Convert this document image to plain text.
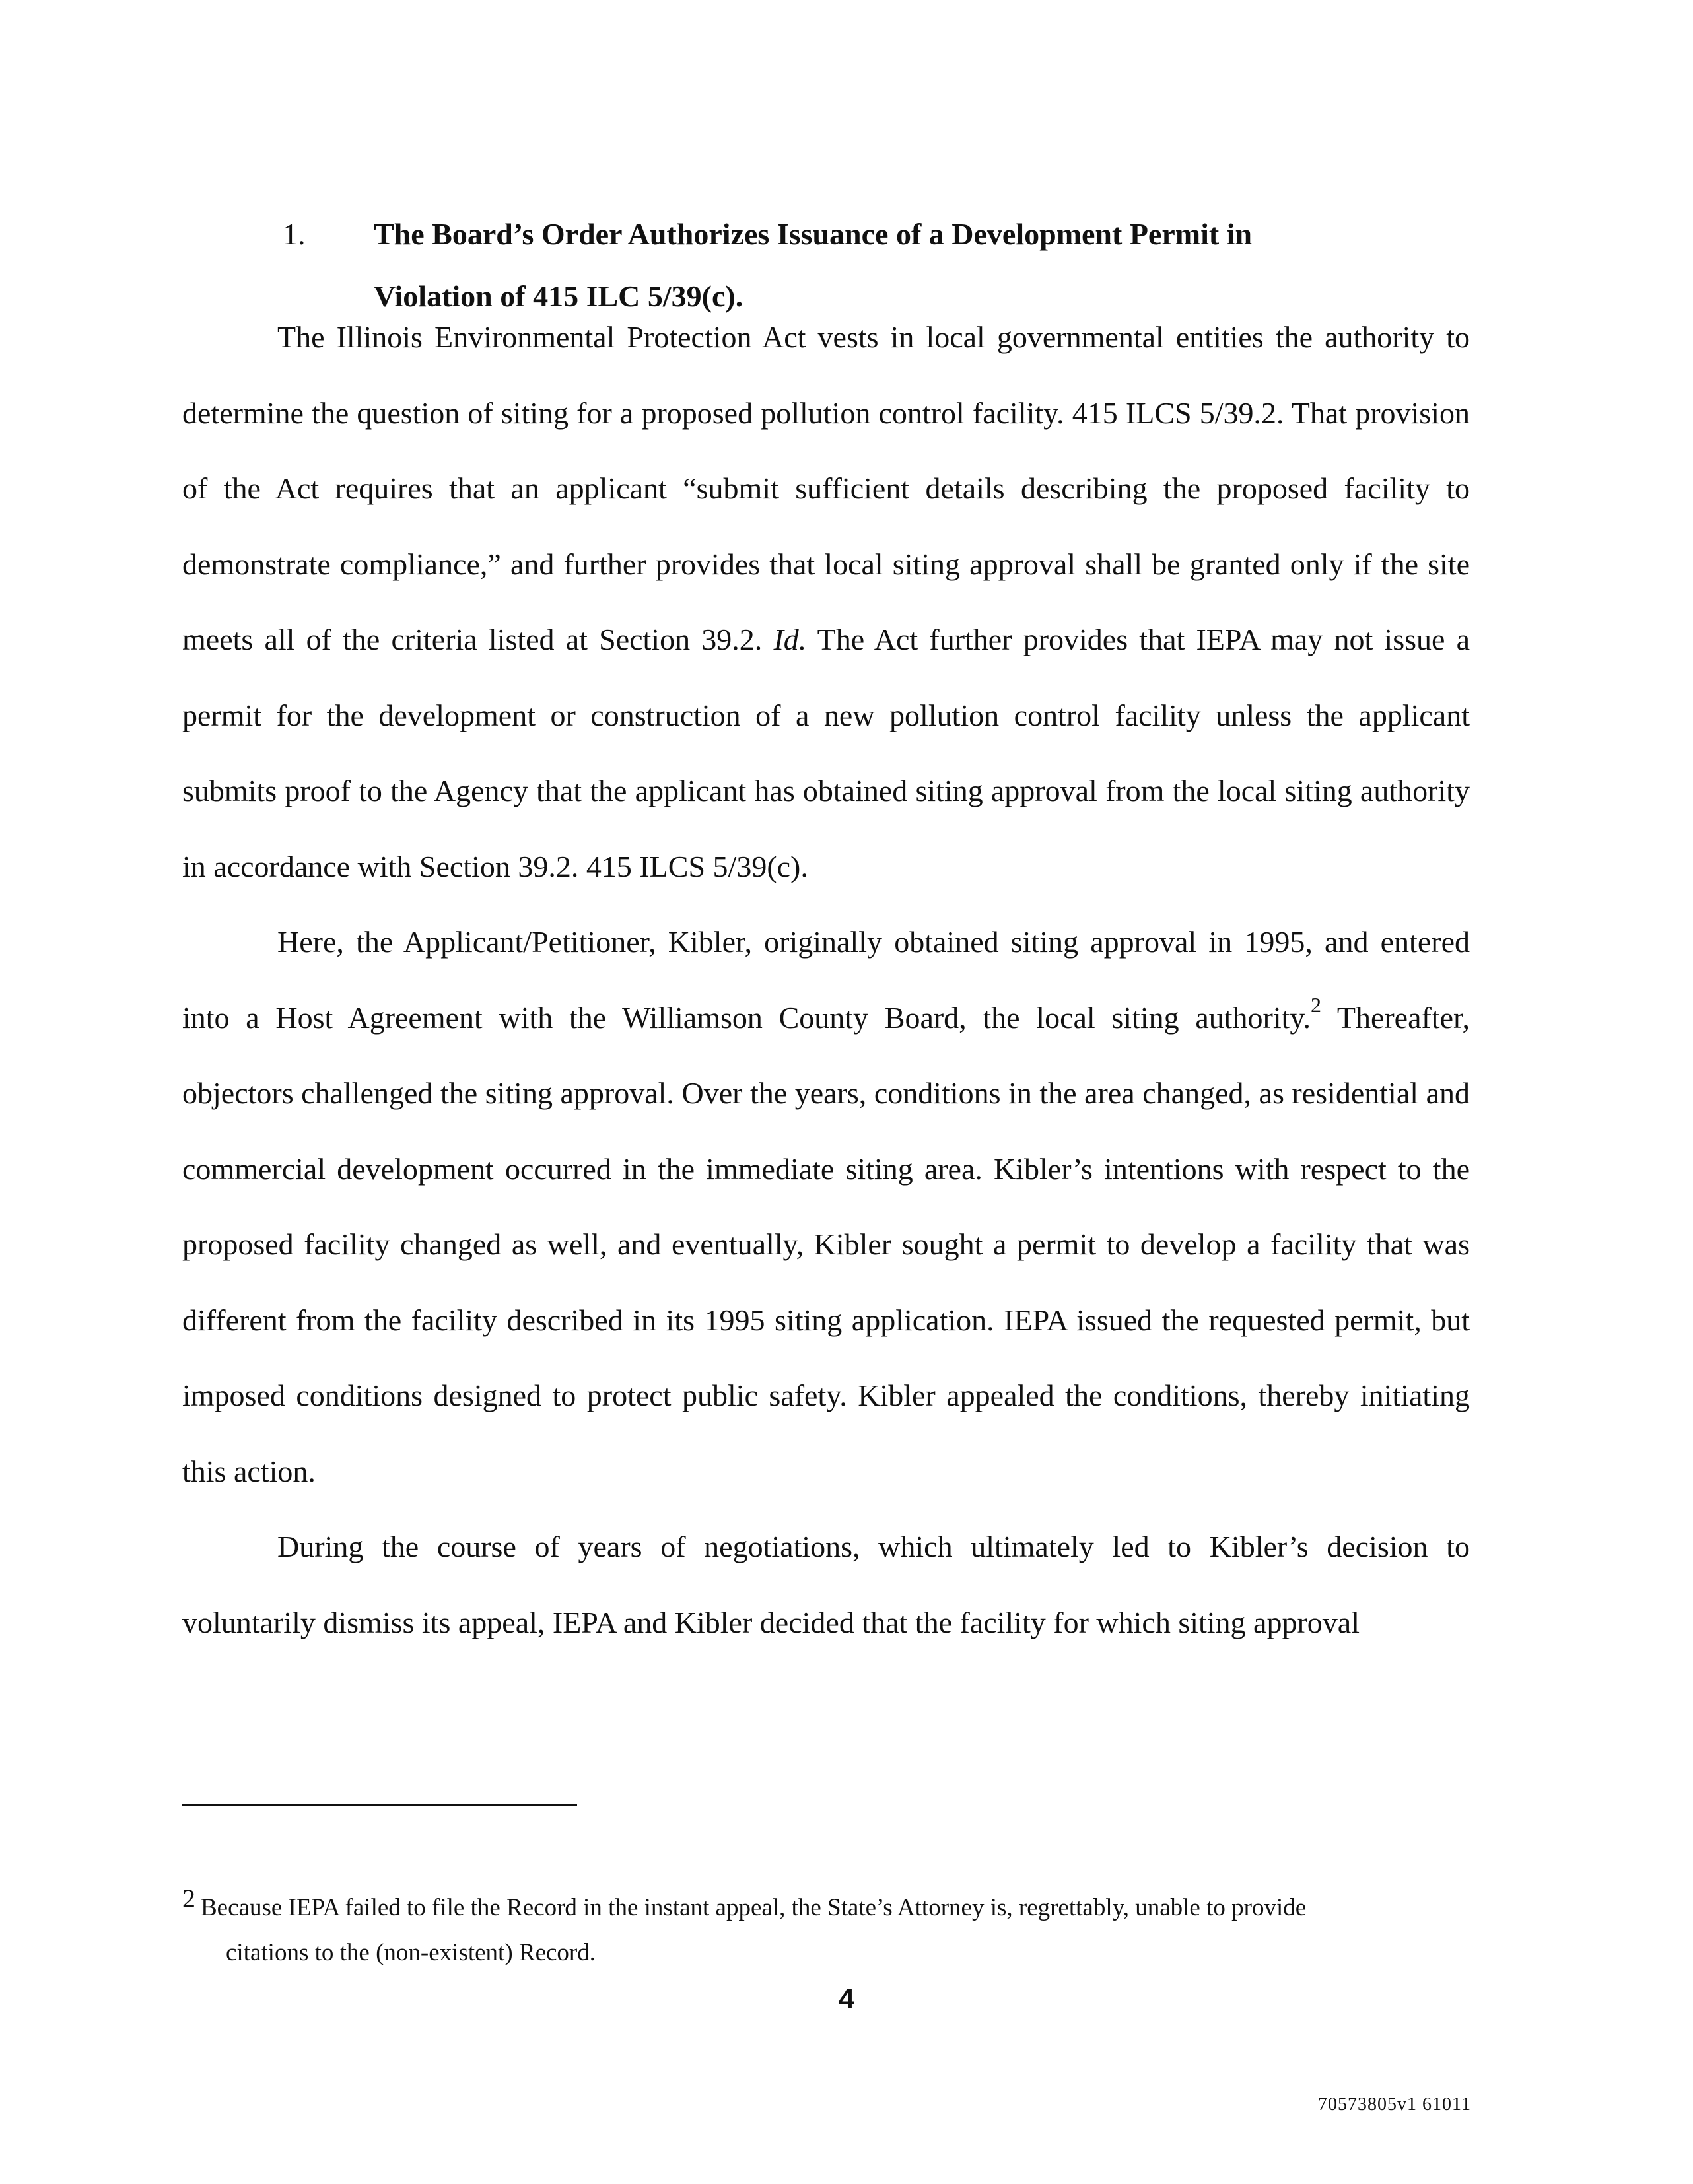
1. The Board’s Order Authorizes Issuance of a Development Permit in
Violation of 415 ILC 5/39(c).

The Illinois Environmental Protection Act vests in local governmental entities the authority to determine the question of siting for a proposed pollution control facility. 415 ILCS 5/39.2. That provision of the Act requires that an applicant “submit sufficient details describing the proposed facility to demonstrate compliance,” and further provides that local siting approval shall be granted only if the site meets all of the criteria listed at Section 39.2. Id. The Act further provides that IEPA may not issue a permit for the development or construction of a new pollution control facility unless the applicant submits proof to the Agency that the applicant has obtained siting approval from the local siting authority in accordance with Section 39.2. 415 ILCS 5/39(c).

Here, the Applicant/Petitioner, Kibler, originally obtained siting approval in 1995, and entered into a Host Agreement with the Williamson County Board, the local siting authority.$^2$ Thereafter, objectors challenged the siting approval. Over the years, conditions in the area changed, as residential and commercial development occurred in the immediate siting area. Kibler’s intentions with respect to the proposed facility changed as well, and eventually, Kibler sought a permit to develop a facility that was different from the facility described in its 1995 siting application. IEPA issued the requested permit, but imposed conditions designed to protect public safety. Kibler appealed the conditions, thereby initiating this action.

During the course of years of negotiations, which ultimately led to Kibler’s decision to voluntarily dismiss its appeal, IEPA and Kibler decided that the facility for which siting approval

2 Because IEPA failed to file the Record in the instant appeal, the State’s Attorney is, regrettably, unable to provide
citations to the (non-existent) Record.
4
70573805v1 61011
